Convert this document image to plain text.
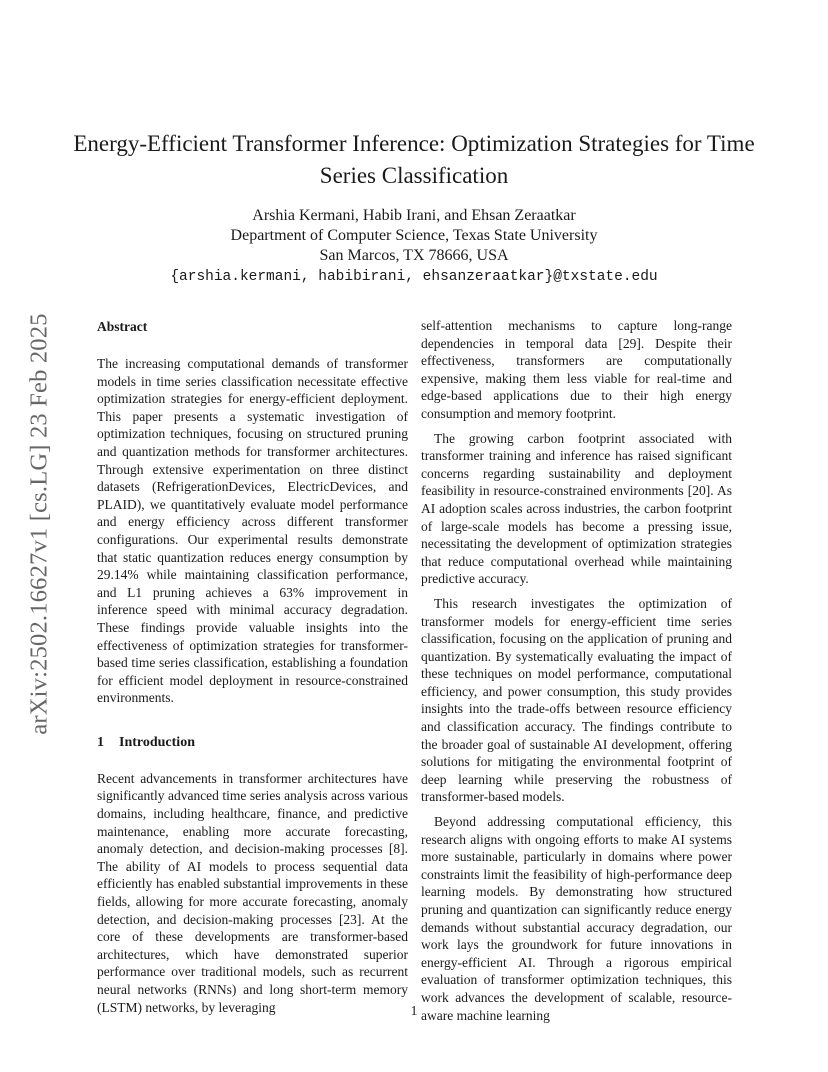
arXiv:2502.16627v1 [cs.LG] 23 Feb 2025
Energy-Efficient Transformer Inference: Optimization Strategies for Time Series Classification
Arshia Kermani, Habib Irani, and Ehsan Zeraatkar
Department of Computer Science, Texas State University
San Marcos, TX 78666, USA
{arshia.kermani, habibirani, ehsanzeraatkar}@txstate.edu
Abstract

The increasing computational demands of transformer models in time series classification necessitate effective optimization strategies for energy-efficient deployment. This paper presents a systematic investigation of optimization techniques, focusing on structured pruning and quantization methods for transformer architectures. Through extensive experimentation on three distinct datasets (RefrigerationDevices, ElectricDevices, and PLAID), we quantitatively evaluate model performance and energy efficiency across different transformer configurations. Our experimental results demonstrate that static quantization reduces energy consumption by 29.14% while maintaining classification performance, and L1 pruning achieves a 63% improvement in inference speed with minimal accuracy degradation. These findings provide valuable insights into the effectiveness of optimization strategies for transformer-based time series classification, establishing a foundation for efficient model deployment in resource-constrained environments.

1 Introduction

Recent advancements in transformer architectures have significantly advanced time series analysis across various domains, including healthcare, finance, and predictive maintenance, enabling more accurate forecasting, anomaly detection, and decision-making processes [8]. The ability of AI models to process sequential data efficiently has enabled substantial improvements in these fields, allowing for more accurate forecasting, anomaly detection, and decision-making processes [23]. At the core of these developments are transformer-based architectures, which have demonstrated superior performance over traditional models, such as recurrent neural networks (RNNs) and long short-term memory (LSTM) networks, by leveraging

self-attention mechanisms to capture long-range dependencies in temporal data [29]. Despite their effectiveness, transformers are computationally expensive, making them less viable for real-time and edge-based applications due to their high energy consumption and memory footprint.

The growing carbon footprint associated with transformer training and inference has raised significant concerns regarding sustainability and deployment feasibility in resource-constrained environments [20]. As AI adoption scales across industries, the carbon footprint of large-scale models has become a pressing issue, necessitating the development of optimization strategies that reduce computational overhead while maintaining predictive accuracy.

This research investigates the optimization of transformer models for energy-efficient time series classification, focusing on the application of pruning and quantization. By systematically evaluating the impact of these techniques on model performance, computational efficiency, and power consumption, this study provides insights into the trade-offs between resource efficiency and classification accuracy. The findings contribute to the broader goal of sustainable AI development, offering solutions for mitigating the environmental footprint of deep learning while preserving the robustness of transformer-based models.

Beyond addressing computational efficiency, this research aligns with ongoing efforts to make AI systems more sustainable, particularly in domains where power constraints limit the feasibility of high-performance deep learning models. By demonstrating how structured pruning and quantization can significantly reduce energy demands without substantial accuracy degradation, our work lays the groundwork for future innovations in energy-efficient AI. Through a rigorous empirical evaluation of transformer optimization techniques, this work advances the development of scalable, resource-aware machine learning

1
